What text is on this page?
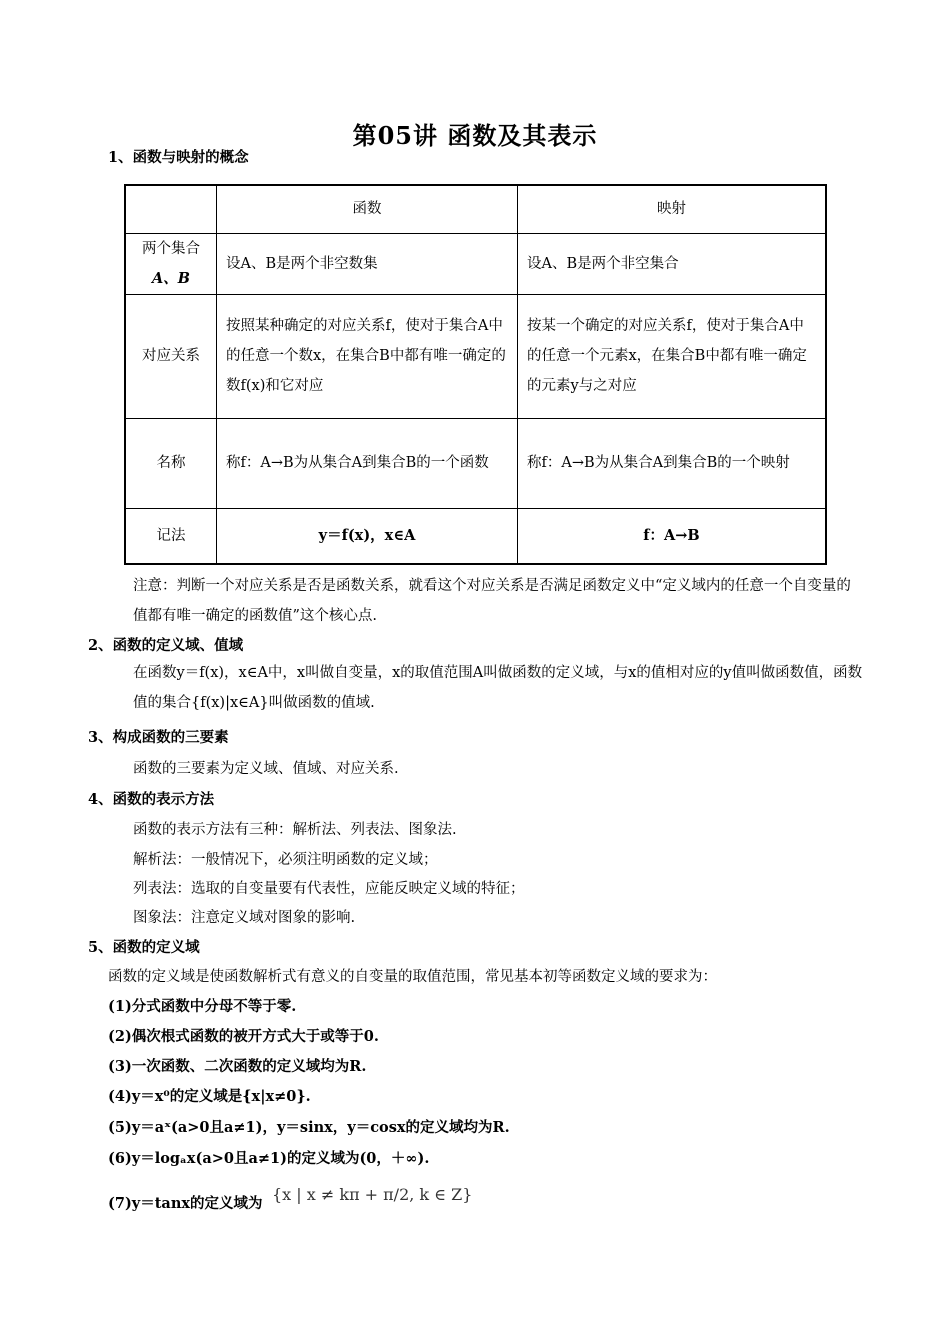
第05讲 函数及其表示
1、函数与映射的概念
	函数	映射
两个集合
A、B	设A、B是两个非空数集	设A、B是两个非空集合
对应关系	按照某种确定的对应关系f，使对于集合A中的任意一个数x，在集合B中都有唯一确定的数f(x)和它对应	按某一个确定的对应关系f，使对于集合A中的任意一个元素x，在集合B中都有唯一确定的元素y与之对应
名称	称f：A→B为从集合A到集合B的一个函数	称f：A→B为从集合A到集合B的一个映射
记法	y＝f(x)，x∈A	f：A→B
注意：判断一个对应关系是否是函数关系，就看这个对应关系是否满足函数定义中“定义域内的任意一个自变量的值都有唯一确定的函数值”这个核心点.
2、函数的定义域、值域
在函数y＝f(x)，x∈A中，x叫做自变量，x的取值范围A叫做函数的定义域，与x的值相对应的y值叫做函数值，函数值的集合{f(x)|x∈A}叫做函数的值域.
3、构成函数的三要素
函数的三要素为定义域、值域、对应关系.
4、函数的表示方法
函数的表示方法有三种：解析法、列表法、图象法.
解析法：一般情况下，必须注明函数的定义域；
列表法：选取的自变量要有代表性，应能反映定义域的特征；
图象法：注意定义域对图象的影响.
5、函数的定义域
函数的定义域是使函数解析式有意义的自变量的取值范围，常见基本初等函数定义域的要求为：
(1)分式函数中分母不等于零.
(2)偶次根式函数的被开方式大于或等于0.
(3)一次函数、二次函数的定义域均为R.
(4)y＝x⁰的定义域是{x|x≠0}.
(5)y＝aˣ(a>0且a≠1)，y＝sinx，y＝cosx的定义域均为R.
(6)y＝logₐx(a>0且a≠1)的定义域为(0，＋∞).
(7)y＝tanx的定义域为 {x | x ≠ kπ + π/2, k ∈ Z}
